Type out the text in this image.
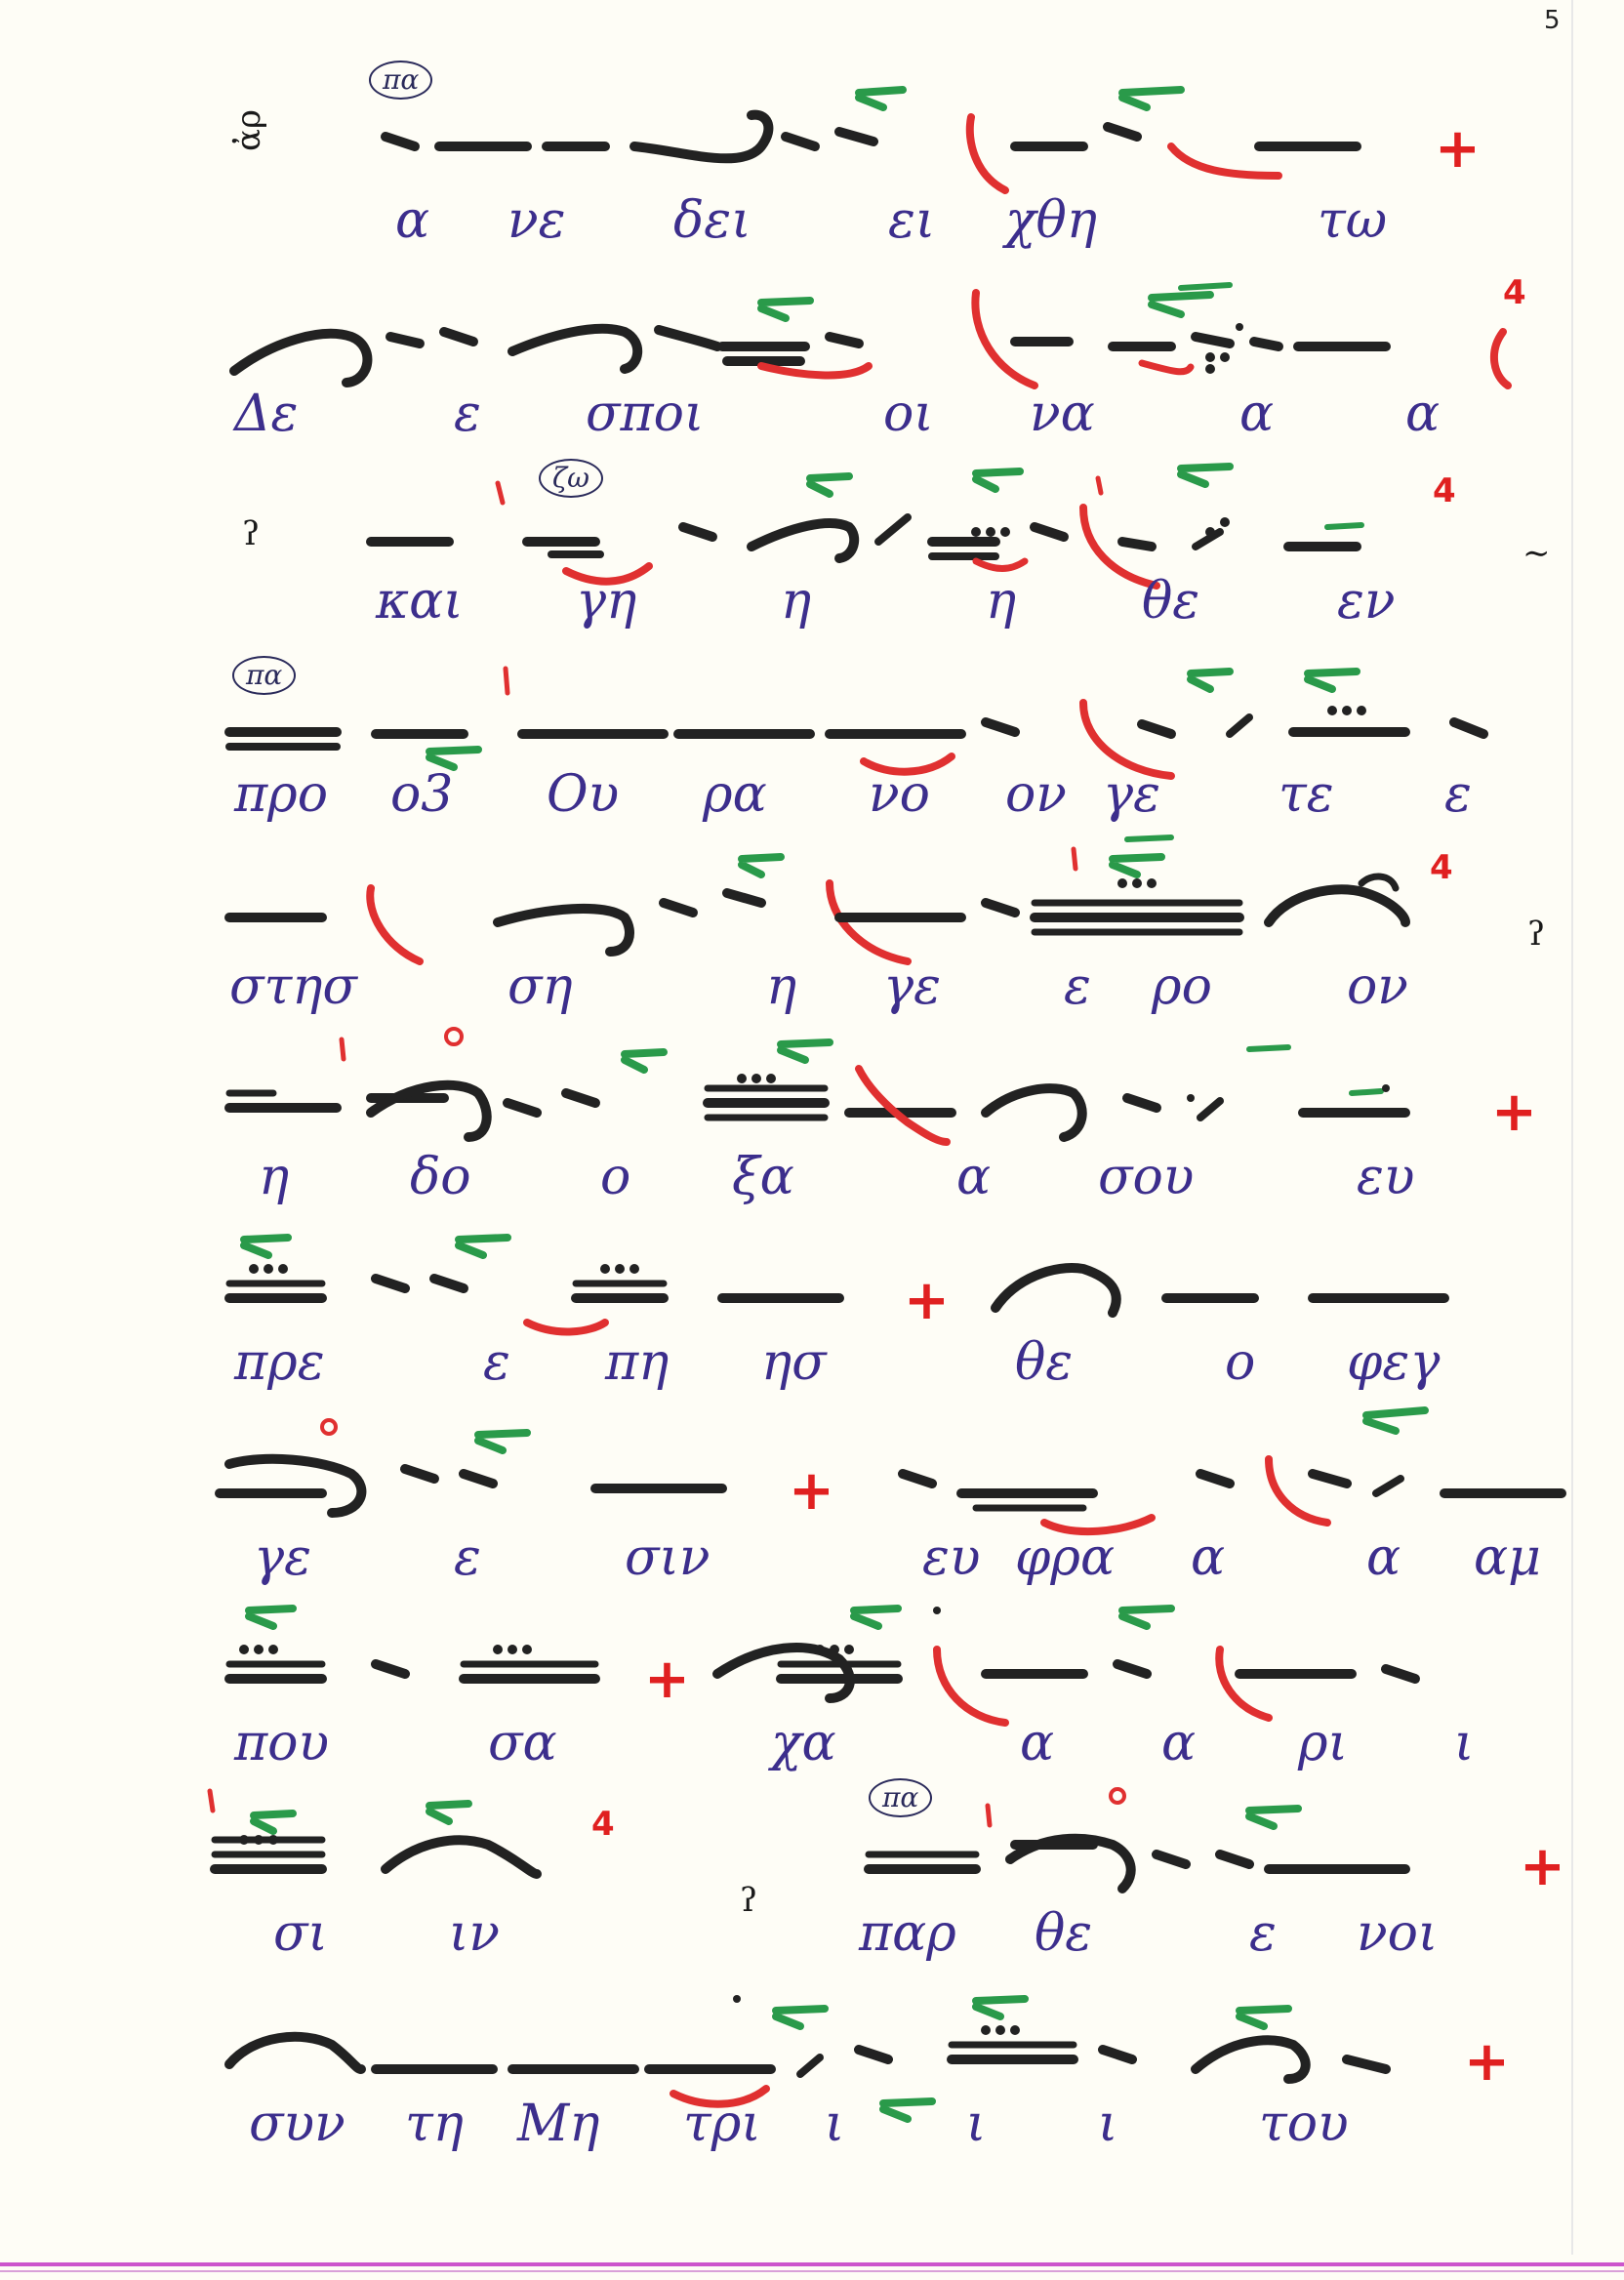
5
ἀρ
ʔ	∼
ʔ
ʔ
πα
ζω
πα
πα
+
+
+
+
+
+
+
4
4
4
4
α νε δει	ει χθη	τω
Δε	ε σποι	οι να	α	α
και γη	η	η θε	εν
προ ο3 Ου ρα νο ον γε τε ε
στησ	ση	η γε ε ρο	ον
η δο	ο ξα	α σου	ευ
πρε	ε πη ησ	θε	ο φεγ
γε	ε	σιν	ευ φρα α	α αμ
που	σα	χα	α α ρι ι
σι ιν	παρ θε	ε νοι
συν τη Μη τρι ι ι ι	του
